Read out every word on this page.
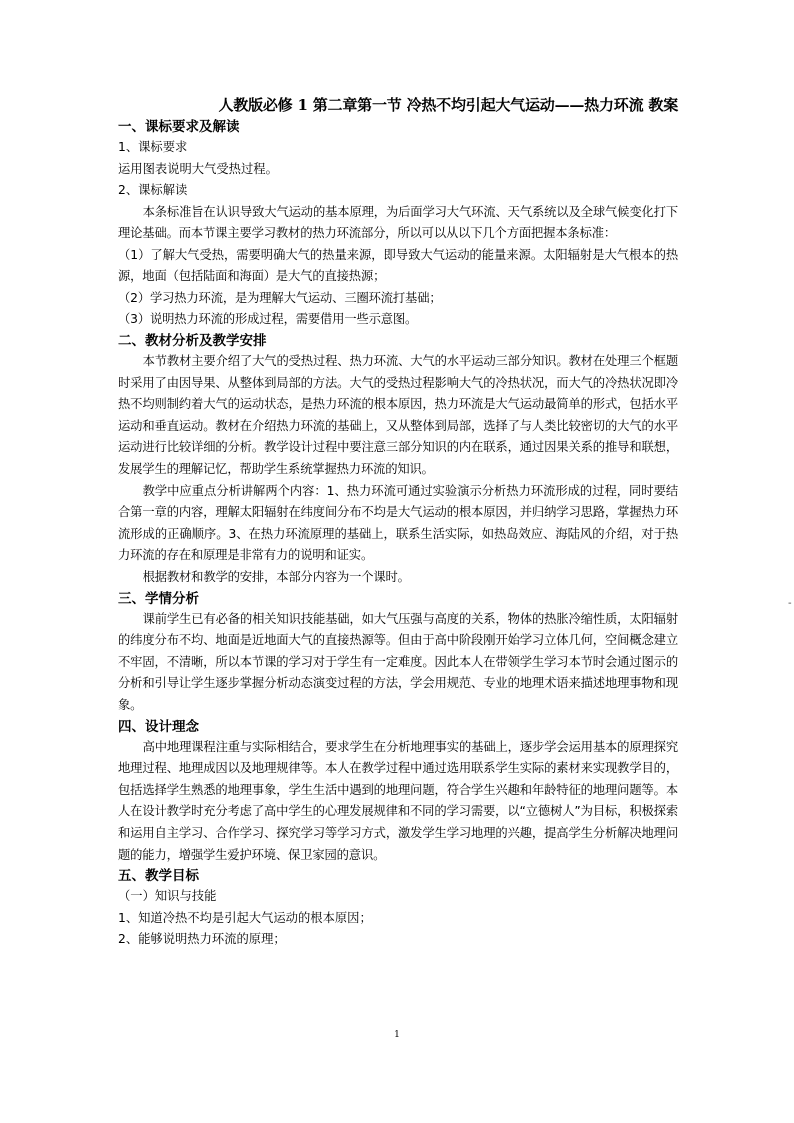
人教版必修 1 第二章第一节 冷热不均引起大气运动——热力环流 教案
一、课标要求及解读
1、课标要求
运用图表说明大气受热过程。
2、课标解读

本条标准旨在认识导致大气运动的基本原理，为后面学习大气环流、天气系统以及全球气候变化打下理论基础。而本节课主要学习教材的热力环流部分，所以可以从以下几个方面把握本条标准：

（1）了解大气受热，需要明确大气的热量来源，即导致大气运动的能量来源。太阳辐射是大气根本的热源，地面（包括陆面和海面）是大气的直接热源；

（2）学习热力环流，是为理解大气运动、三圈环流打基础；

（3）说明热力环流的形成过程，需要借用一些示意图。

二、教材分析及教学安排

本节教材主要介绍了大气的受热过程、热力环流、大气的水平运动三部分知识。教材在处理三个框题时采用了由因导果、从整体到局部的方法。大气的受热过程影响大气的冷热状况，而大气的冷热状况即冷热不均则制约着大气的运动状态，是热力环流的根本原因，热力环流是大气运动最简单的形式，包括水平运动和垂直运动。教材在介绍热力环流的基础上，又从整体到局部，选择了与人类比较密切的大气的水平运动进行比较详细的分析。教学设计过程中要注意三部分知识的内在联系，通过因果关系的推导和联想，发展学生的理解记忆，帮助学生系统掌握热力环流的知识。

教学中应重点分析讲解两个内容：1、热力环流可通过实验演示分析热力环流形成的过程，同时要结合第一章的内容，理解太阳辐射在纬度间分布不均是大气运动的根本原因，并归纳学习思路，掌握热力环流形成的正确顺序。3、在热力环流原理的基础上，联系生活实际，如热岛效应、海陆风的介绍，对于热力环流的存在和原理是非常有力的说明和证实。

根据教材和教学的安排，本部分内容为一个课时。

三、学情分析

课前学生已有必备的相关知识技能基础，如大气压强与高度的关系，物体的热胀冷缩性质，太阳辐射的纬度分布不均、地面是近地面大气的直接热源等。但由于高中阶段刚开始学习立体几何，空间概念建立不牢固，不清晰，所以本节课的学习对于学生有一定难度。因此本人在带领学生学习本节时会通过图示的分析和引导让学生逐步掌握分析动态演变过程的方法，学会用规范、专业的地理术语来描述地理事物和现象。

四、设计理念

高中地理课程注重与实际相结合，要求学生在分析地理事实的基础上，逐步学会运用基本的原理探究地理过程、地理成因以及地理规律等。本人在教学过程中通过选用联系学生实际的素材来实现教学目的，包括选择学生熟悉的地理事象，学生生活中遇到的地理问题，符合学生兴趣和年龄特征的地理问题等。本人在设计教学时充分考虑了高中学生的心理发展规律和不同的学习需要，以“立德树人”为目标，积极探索和运用自主学习、合作学习、探究学习等学习方式，激发学生学习地理的兴趣，提高学生分析解决地理问题的能力，增强学生爱护环境、保卫家园的意识。

五、教学目标
（一）知识与技能
1、知道冷热不均是引起大气运动的根本原因；
2、能够说明热力环流的原理；
-
1
